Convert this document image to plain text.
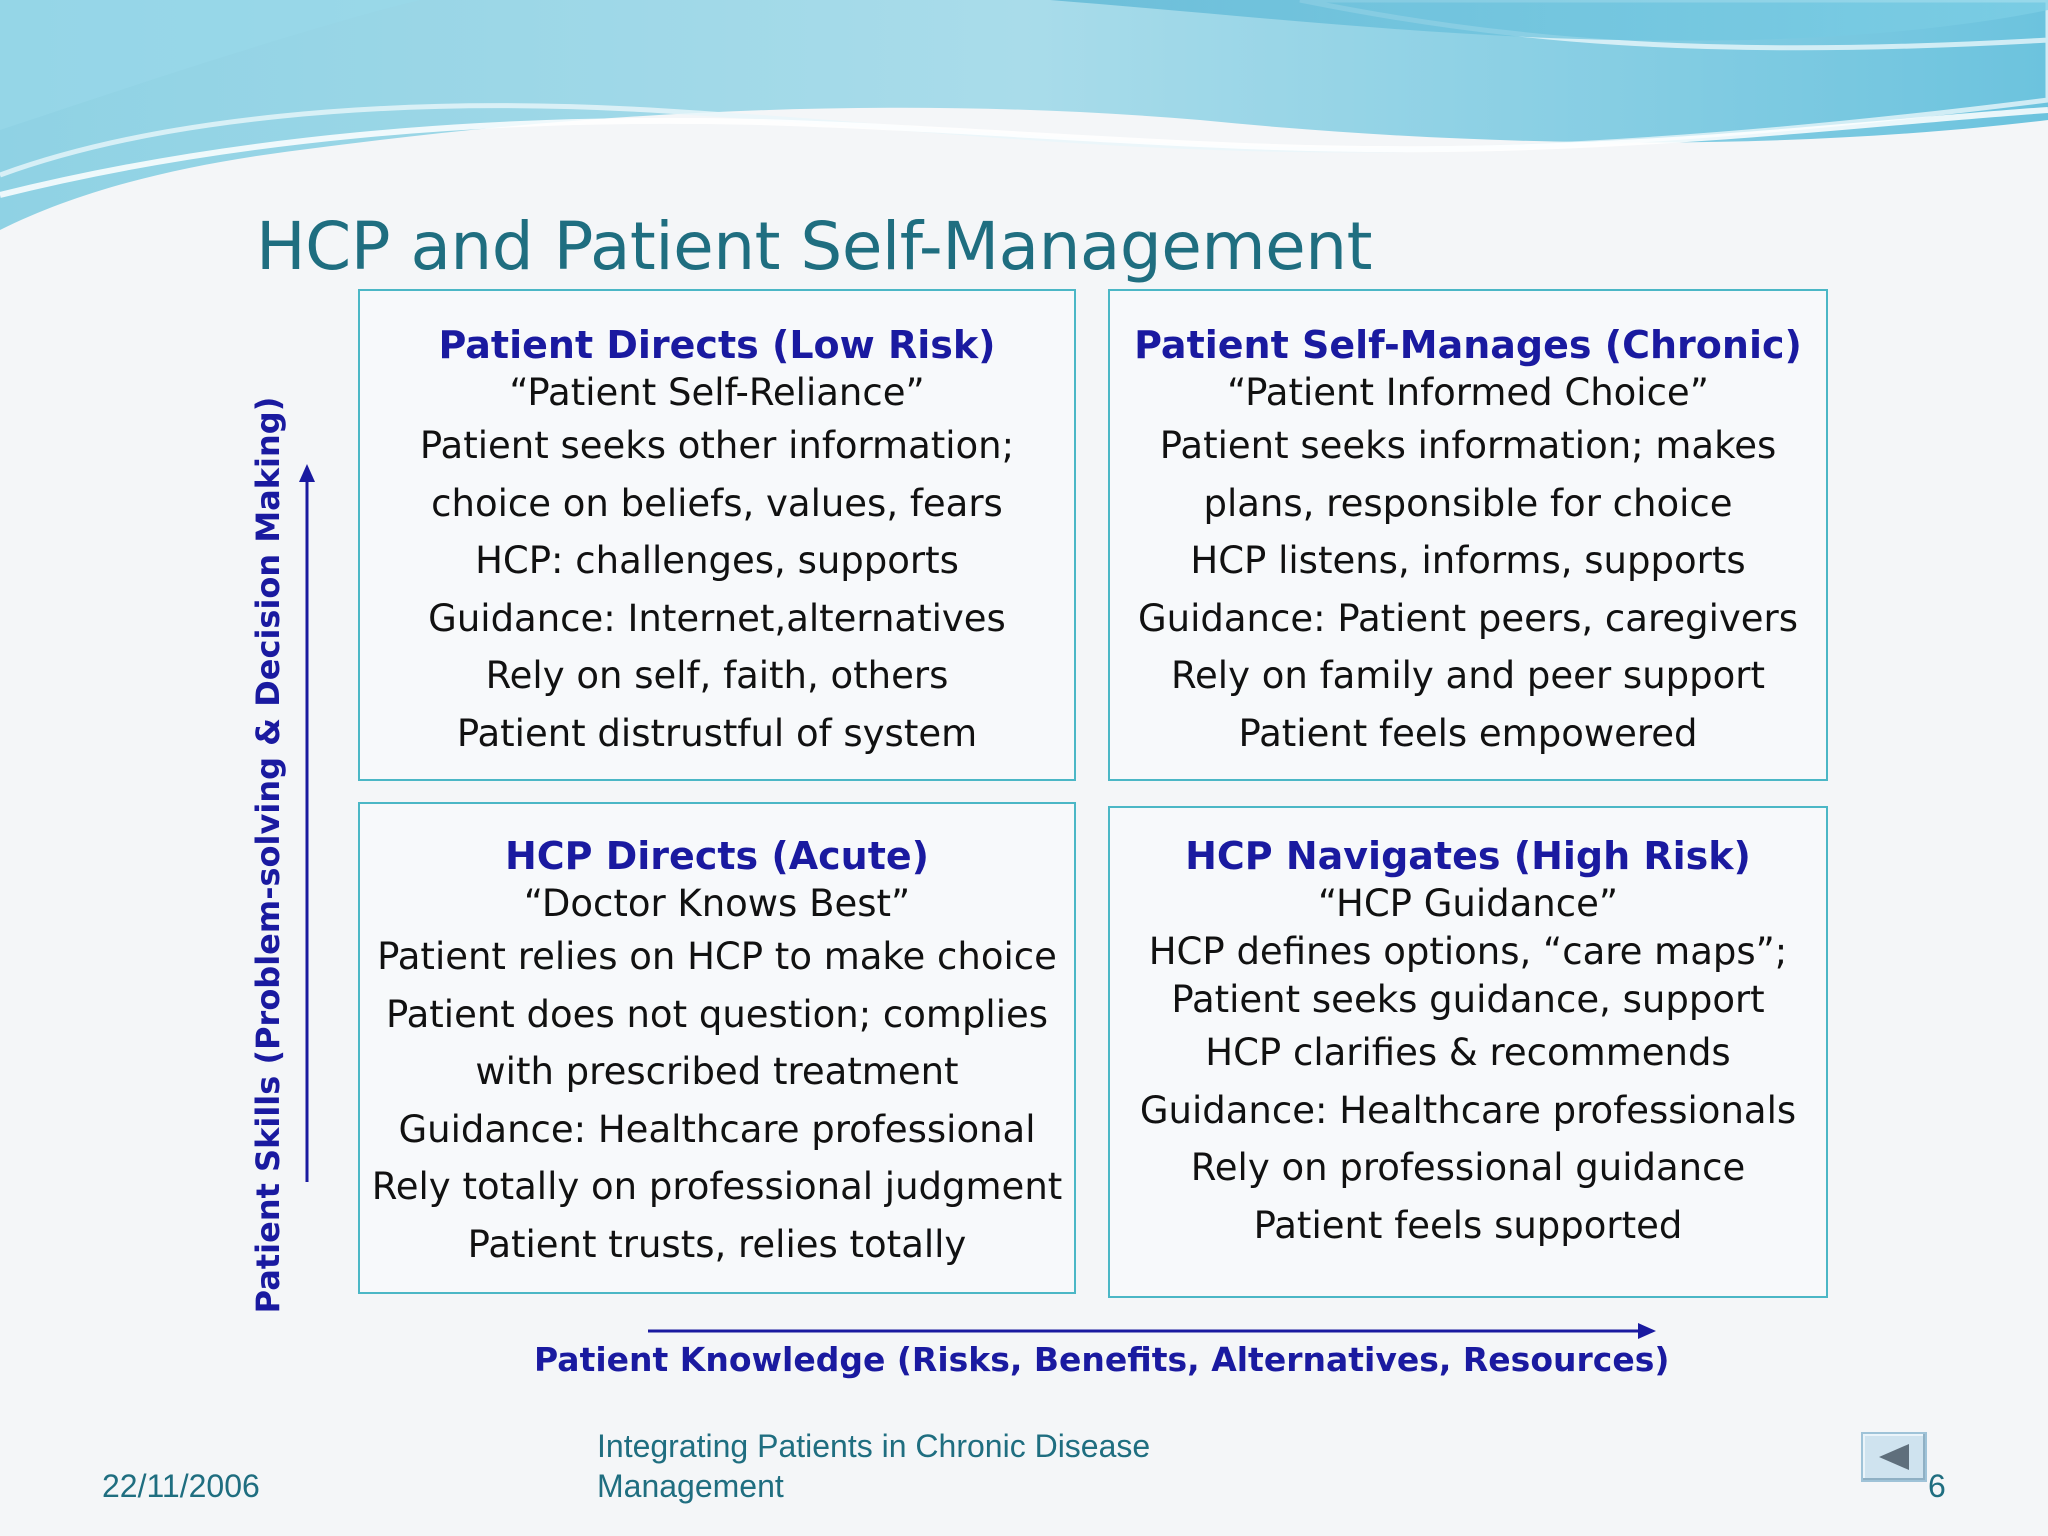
HCP and Patient Self-Management
Patient Skills (Problem-solving & Decision Making)
Patient Knowledge (Risks, Benefits, Alternatives, Resources)
Patient Directs (Low Risk)
“Patient Self-Reliance”
Patient seeks other information;
choice on beliefs, values, fears
HCP: challenges, supports
Guidance: Internet,alternatives
Rely on self, faith, others
Patient distrustful of system
Patient Self-Manages (Chronic)
“Patient Informed Choice”
Patient seeks information; makes
plans, responsible for choice
HCP listens, informs, supports
Guidance: Patient peers, caregivers
Rely on family and peer support
Patient feels empowered
HCP Directs (Acute)
“Doctor Knows Best”
Patient relies on HCP to make choice
Patient does not question; complies
with prescribed treatment
Guidance: Healthcare professional
Rely totally on professional judgment
Patient trusts, relies totally
HCP Navigates (High Risk)
“HCP Guidance”
HCP defines options, “care maps”;
Patient seeks guidance, support
HCP clarifies & recommends
Guidance: Healthcare professionals
Rely on professional guidance
Patient feels supported
22/11/2006
Integrating Patients in Chronic Disease
Management	6
